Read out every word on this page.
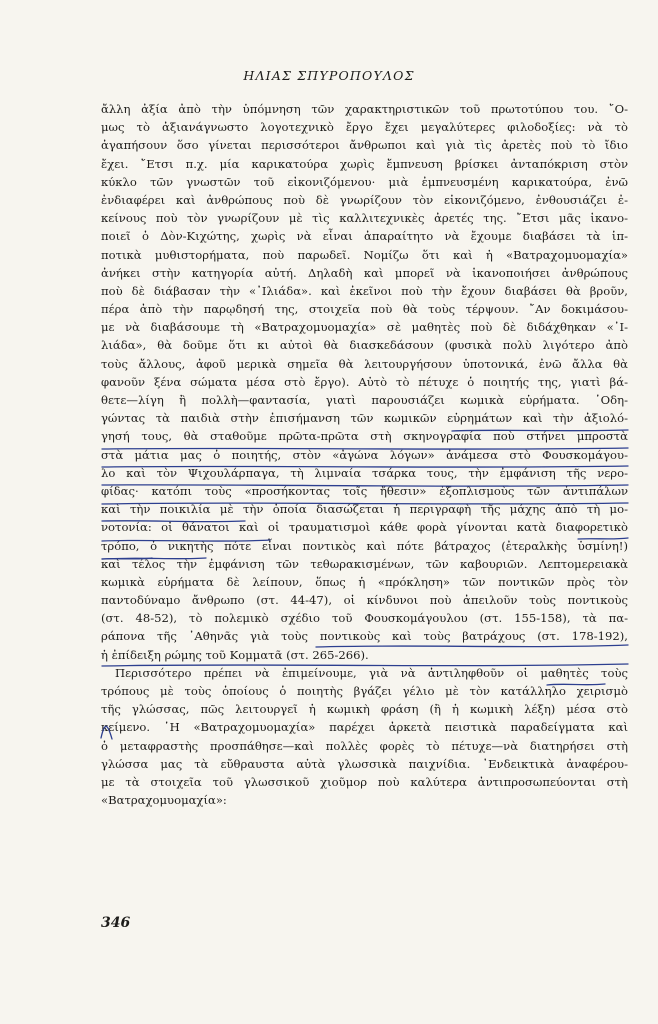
ΗΛΙΑΣ ΣΠΥΡΟΠΟΥΛΟΣ
ἄλλη ἀξία ἀπὸ τὴν ὑπόμνηση τῶν χαρακτηριστικῶν τοῦ πρωτοτύπου του. ῎Ο-
μως τὸ ἀξιανάγνωστο λογοτεχνικὸ ἔργο ἔχει μεγαλύτερες φιλοδοξίες: νὰ τὸ
ἀγαπήσουν ὅσο γίνεται περισσότεροι ἄνθρωποι καὶ γιὰ τὶς ἀρετὲς ποὺ τὸ ἴδιο
ἔχει. ῎Ετσι π.χ. μία καρικατούρα χωρὶς ἔμπνευση βρίσκει ἀνταπόκριση στὸν
κύκλο τῶν γνωστῶν τοῦ εἰκονιζόμενου· μιὰ ἐμπνευσμένη καρικατούρα, ἐνῶ
ἐνδιαφέρει καὶ ἀνθρώπους ποὺ δὲ γνωρίζουν τὸν εἰκονιζόμενο, ἐνθουσιάζει ἐ-
κείνους ποὺ τὸν γνωρίζουν μὲ τὶς καλλιτεχνικὲς ἀρετές της. ῎Ετσι μᾶς ἱκανο-
ποιεῖ ὁ Δὸν-Κιχώτης, χωρὶς νὰ εἶναι ἀπαραίτητο νὰ ἔχουμε διαβάσει τὰ ἱπ-
ποτικὰ μυθιστορήματα, ποὺ παρωδεῖ. Νομίζω ὅτι καὶ ἡ «Βατραχομυομαχία»
ἀνήκει στὴν κατηγορία αὐτή. Δηλαδὴ καὶ μπορεῖ νὰ ἱκανοποιήσει ἀνθρώπους
ποὺ δὲ διάβασαν τὴν «᾿Ιλιάδα». καὶ ἐκεῖνοι ποὺ τὴν ἔχουν διαβάσει θὰ βροῦν,
πέρα ἀπὸ τὴν παρῳδησή της, στοιχεῖα ποὺ θὰ τοὺς τέρψουν. ῎Αν δοκιμάσου-
με νὰ διαβάσουμε τὴ «Βατραχομυομαχία» σὲ μαθητὲς ποὺ δὲ διδάχθηκαν «᾿Ι-
λιάδα», θὰ δοῦμε ὅτι κι αὐτοὶ θὰ διασκεδάσουν (φυσικὰ πολὺ λιγότερο ἀπὸ
τοὺς ἄλλους, ἀφοῦ μερικὰ σημεῖα θὰ λειτουργήσουν ὑποτονικά, ἐνῶ ἄλλα θὰ
φανοῦν ξένα σώματα μέσα στὸ ἔργο). Αὐτὸ τὸ πέτυχε ὁ ποιητής της, γιατὶ βά-
θετε—λίγη ἢ πολλὴ—φαντασία, γιατὶ παρουσιάζει κωμικὰ εὑρήματα. ῾Οδη-
γώντας τὰ παιδιὰ στὴν ἐπισήμανση τῶν κωμικῶν εὑρημάτων καὶ τὴν ἀξιολό-
γησή τους, θὰ σταθοῦμε πρῶτα-πρῶτα στὴ σκηνογραφία ποὺ στήνει μπροστὰ
στὰ μάτια μας ὁ ποιητής, στὸν «ἀγώνα λόγων» ἀνάμεσα στὸ Φουσκομάγου-
λο καὶ τὸν Ψιχουλάρπαγα, τὴ λιμναία τσάρκα τους, τὴν ἐμφάνιση τῆς νερο-
φίδας· κατόπι τοὺς «προσήκοντας τοῖς ἤθεσιν» ἐξοπλισμοὺς τῶν ἀντιπάλων
καὶ τὴν ποικιλία μὲ τὴν ὁποία διασώζεται ἡ περιγραφὴ τῆς μάχης ἀπὸ τὴ μο-
νοτονία: οἱ θάνατοι καὶ οἱ τραυματισμοὶ κάθε φορὰ γίνονται κατὰ διαφορετικὸ
τρόπο, ὁ νικητὴς πότε εἶναι ποντικὸς καὶ πότε βάτραχος (ἐτεραλκὴς ὑσμίνη!)
καὶ τέλος τὴν ἐμφάνιση τῶν τεθωρακισμένων, τῶν καβουριῶν. Λεπτομερειακὰ
κωμικὰ εὑρήματα δὲ λείπουν, ὅπως ἡ «πρόκληση» τῶν ποντικῶν πρὸς τὸν
παντοδύναμο ἄνθρωπο (στ. 44-47), οἱ κίνδυνοι ποὺ ἀπειλοῦν τοὺς ποντικοὺς
(στ. 48-52), τὸ πολεμικὸ σχέδιο τοῦ Φουσκομάγουλου (στ. 155-158), τὰ πα-
ράπονα τῆς ᾿Αθηνᾶς γιὰ τοὺς ποντικοὺς καὶ τοὺς βατράχους (στ. 178-192),
ἡ ἐπίδειξη ρώμης τοῦ Κομματᾶ (στ. 265-266).
Περισσότερο πρέπει νὰ ἐπιμείνουμε, γιὰ νὰ ἀντιληφθοῦν οἱ μαθητὲς τοὺς
τρόπους μὲ τοὺς ὁποίους ὁ ποιητὴς βγάζει γέλιο μὲ τὸν κατάλληλο χειρισμὸ
τῆς γλώσσας, πῶς λειτουργεῖ ἡ κωμικὴ φράση (ἢ ἡ κωμικὴ λέξη) μέσα στὸ
κείμενο. ῾Η «Βατραχομυομαχία» παρέχει ἀρκετὰ πειστικὰ παραδείγματα καὶ
ὁ μεταφραστὴς προσπάθησε—καὶ πολλὲς φορὲς τὸ πέτυχε—νὰ διατηρήσει στὴ
γλώσσα μας τὰ εὔθραυστα αὐτὰ γλωσσικὰ παιχνίδια. ᾿Ενδεικτικὰ ἀναφέρου-
με τὰ στοιχεῖα τοῦ γλωσσικοῦ χιοῦμορ ποὺ καλύτερα ἀντιπροσωπεύονται στὴ
«Βατραχομυομαχία»:
346
